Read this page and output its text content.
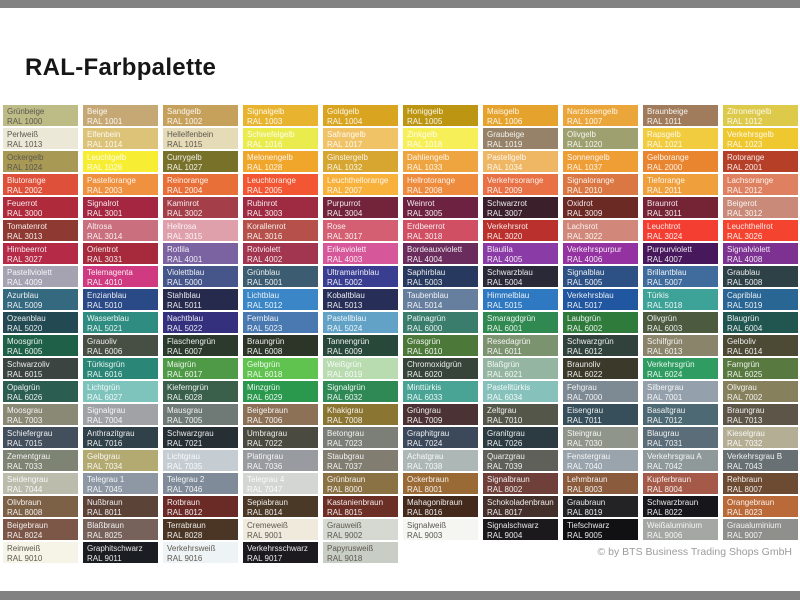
RAL-Farbpalette
Grünbeige
RAL 1000
Beige
RAL 1001
Sandgelb
RAL 1002
Signalgelb
RAL 1003
Goldgelb
RAL 1004
Honiggelb
RAL 1005
Maisgelb
RAL 1006
Narzissengelb
RAL 1007
Braunbeige
RAL 1011
Zitronengelb
RAL 1012
Perlweiß
RAL 1013
Elfenbein
RAL 1014
Hellelfenbein
RAL 1015
Schwefelgelb
RAL 1016
Safrangelb
RAL 1017
Zinkgelb
RAL 1018
Graubeige
RAL 1019
Olivgelb
RAL 1020
Rapsgelb
RAL 1021
Verkehrsgelb
RAL 1023
Ockergelb
RAL 1024
Leuchtgelb
RAL 1026
Currygelb
RAL 1027
Melonengelb
RAL 1028
Ginstergelb
RAL 1032
Dahliengelb
RAL 1033
Pastellgelb
RAL 1034
Sonnengelb
RAL 1037
Gelborange
RAL 2000
Rotorange
RAL 2001
Blutorange
RAL 2002
Pastellorange
RAL 2003
Reinorange
RAL 2004
Leuchtorange
RAL 2005
Leuchthellorange
RAL 2007
Hellrotorange
RAL 2008
Verkehrsorange
RAL 2009
Signalorange
RAL 2010
Tieforange
RAL 2011
Lachsorange
RAL 2012
Feuerrot
RAL 3000
Signalrot
RAL 3001
Kaminrot
RAL 3002
Rubinrot
RAL 3003
Purpurrot
RAL 3004
Weinrot
RAL 3005
Schwarzrot
RAL 3007
Oxidrot
RAL 3009
Braunrot
RAL 3011
Beigerot
RAL 3012
Tomatenrot
RAL 3013
Altrosa
RAL 3014
Hellrosa
RAL 3015
Korallenrot
RAL 3016
Rose
RAL 3017
Erdbeerrot
RAL 3018
Verkehrsrot
RAL 3020
Lachsrot
RAL 3022
Leuchtrot
RAL 3024
Leuchthellrot
RAL 3026
Himbeerrot
RAL 3027
Orientrot
RAL 3031
Rotlila
RAL 4001
Rotviolett
RAL 4002
Erikaviolett
RAL 4003
Bordeauxviolett
RAL 4004
Blaulila
RAL 4005
Verkehrspurpur
RAL 4006
Purpurviolett
RAL 4007
Signalviolett
RAL 4008
Pastellviolett
RAL 4009
Telemagenta
RAL 4010
Violettblau
RAL 5000
Grünblau
RAL 5001
Ultramarinblau
RAL 5002
Saphirblau
RAL 5003
Schwarzblau
RAL 5004
Signalblau
RAL 5005
Brillantblau
RAL 5007
Graublau
RAL 5008
Azurblau
RAL 5009
Enzianblau
RAL 5010
Stahlblau
RAL 5011
Lichtblau
RAL 5012
Kobaltblau
RAL 5013
Taubenblau
RAL 5014
Himmelblau
RAL 5015
Verkehrsblau
RAL 5017
Türkis
RAL 5018
Capriblau
RAL 5019
Ozeanblau
RAL 5020
Wasserblau
RAL 5021
Nachtblau
RAL 5022
Fernblau
RAL 5023
Pastellblau
RAL 5024
Patinagrün
RAL 6000
Smaragdgrün
RAL 6001
Laubgrün
RAL 6002
Olivgrün
RAL 6003
Blaugrün
RAL 6004
Moosgrün
RAL 6005
Grauoliv
RAL 6006
Flaschengrün
RAL 6007
Braungrün
RAL 6008
Tannengrün
RAL 6009
Grasgrün
RAL 6010
Resedagrün
RAL 6011
Schwarzgrün
RAL 6012
Schilfgrün
RAL 6013
Gelboliv
RAL 6014
Schwarzoliv
RAL 6015
Türkisgrün
RAL 6016
Maigrün
RAL 6017
Gelbgrün
RAL 6018
Weißgrün
RAL 6019
Chromoxidgrün
RAL 6020
Blaßgrün
RAL 6021
Braunoliv
RAL 6022
Verkehrsgrün
RAL 6024
Farngrün
RAL 6025
Opalgrün
RAL 6026
Lichtgrün
RAL 6027
Kieferngrün
RAL 6028
Minzgrün
RAL 6029
Signalgrün
RAL 6032
Minttürkis
RAL 6033
Pastelltürkis
RAL 6034
Fehgrau
RAL 7000
Silbergrau
RAL 7001
Olivgrau
RAL 7002
Moosgrau
RAL 7003
Signalgrau
RAL 7004
Mausgrau
RAL 7005
Beigebraun
RAL 7006
Khakigrau
RAL 7008
Grüngrau
RAL 7009
Zeltgrau
RAL 7010
Eisengrau
RAL 7011
Basaltgrau
RAL 7012
Braungrau
RAL 7013
Schiefergrau
RAL 7015
Anthrazitgrau
RAL 7016
Schwarzgrau
RAL 7021
Umbragrau
RAL 7022
Betongrau
RAL 7023
Graphitgrau
RAL 7024
Granitgrau
RAL 7026
Steingrau
RAL 7030
Blaugrau
RAL 7031
Kieselgrau
RAL 7032
Zementgrau
RAL 7033
Gelbgrau
RAL 7034
Lichtgrau
RAL 7035
Platingrau
RAL 7036
Staubgrau
RAL 7037
Achatgrau
RAL 7038
Quarzgrau
RAL 7039
Fenstergrau
RAL 7040
Verkehrsgrau A
RAL 7042
Verkehrsgrau B
RAL 7043
Seidengrau
RAL 7044
Telegrau 1
RAL 7045
Telegrau 2
RAL 7046
Telegrau 4
RAL 7047
Grünbraun
RAL 8000
Ockerbraun
RAL 8001
Signalbraun
RAL 8002
Lehmbraun
RAL 8003
Kupferbraun
RAL 8004
Rehbraun
RAL 8007
Olivbraun
RAL 8008
Nußbraun
RAL 8011
Rotbraun
RAL 8012
Sepiabraun
RAL 8014
Kastanienbraun
RAL 8015
Mahagonibraun
RAL 8016
Schokoladenbraun
RAL 8017
Graubraun
RAL 8019
Schwarzbraun
RAL 8022
Orangebraun
RAL 8023
Beigebraun
RAL 8024
Blaßbraun
RAL 8025
Terrabraun
RAL 8028
Cremeweiß
RAL 9001
Grauweiß
RAL 9002
Signalweiß
RAL 9003
Signalschwarz
RAL 9004
Tiefschwarz
RAL 9005
Weißaluminium
RAL 9006
Graualuminium
RAL 9007
Reinweiß
RAL 9010
Graphitschwarz
RAL 9011
Verkehrsweiß
RAL 9016
Verkehrsschwarz
RAL 9017
Papyrusweiß
RAL 9018	© by BTS Business Trading Shops GmbH
